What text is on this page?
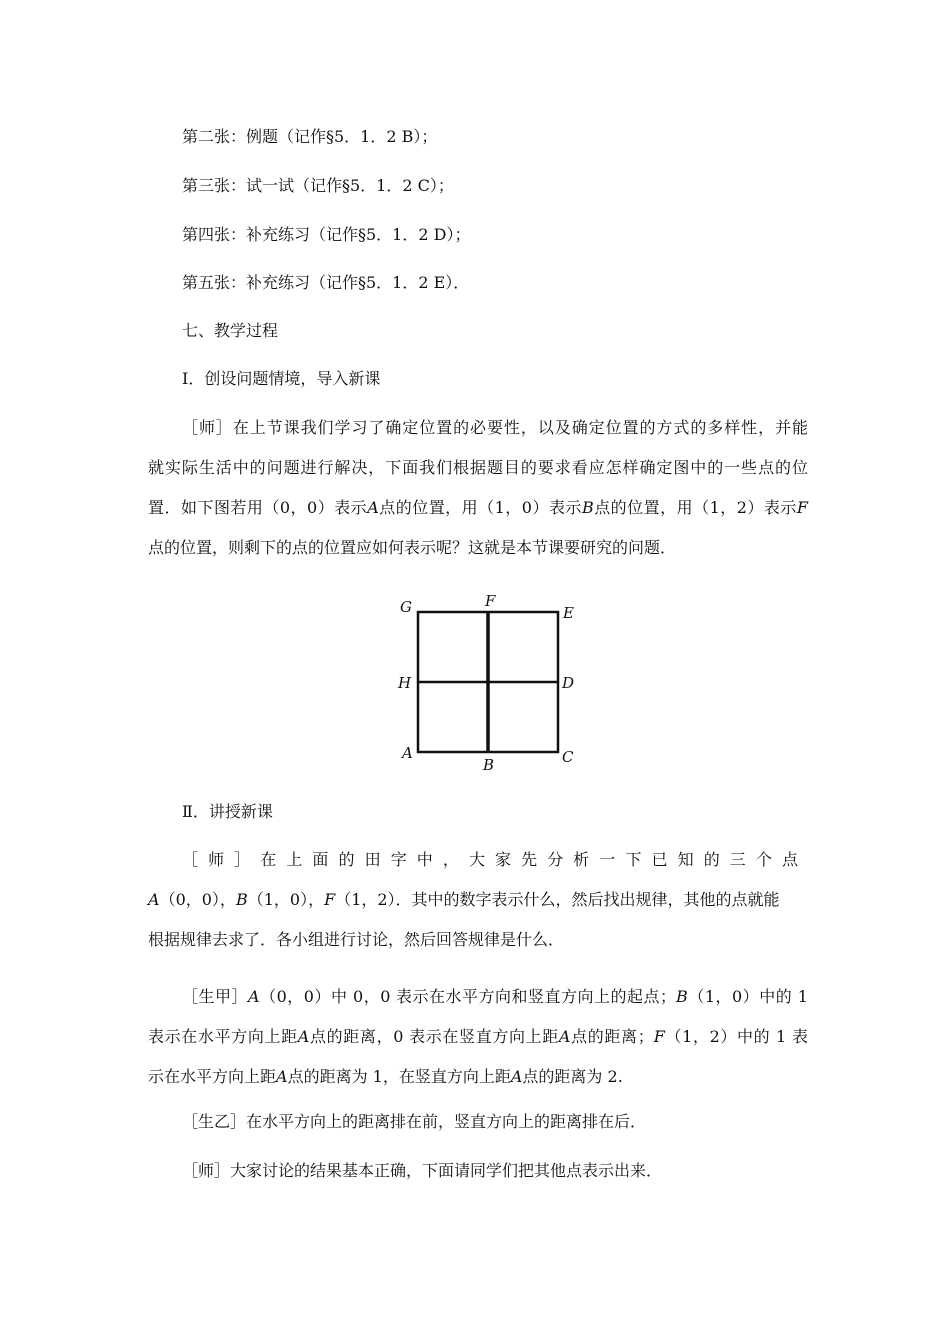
第二张：例题（记作§5．1．2 B）；
第三张：试一试（记作§5．1．2 C）；
第四张：补充练习（记作§5．1．2 D）；
第五张：补充练习（记作§5．1．2 E）．
七、教学过程
Ⅰ．创设问题情境，导入新课
［师］在上节课我们学习了确定位置的必要性，以及确定位置的方式的多样性，并能
就实际生活中的问题进行解决，下面我们根据题目的要求看应怎样确定图中的一些点的位
置．如下图若用（0，0）表示A点的位置，用（1，0）表示B点的位置，用（1，2）表示F
点的位置，则剩下的点的位置应如何表示呢？这就是本节课要研究的问题．
G	F
E
H	D
A
B	C
Ⅱ．讲授新课
［师］在上面的田字中，大家先分析一下已知的三个点
A（0，0），B（1，0），F（1，2）．其中的数字表示什么，然后找出规律，其他的点就能
根据规律去求了．各小组进行讨论，然后回答规律是什么．
［生甲］A（0，0）中 0，0 表示在水平方向和竖直方向上的起点；B（1，0）中的 1
表示在水平方向上距A点的距离，0 表示在竖直方向上距A点的距离；F（1，2）中的 1 表
示在水平方向上距A点的距离为 1，在竖直方向上距A点的距离为 2.
［生乙］在水平方向上的距离排在前，竖直方向上的距离排在后．
［师］大家讨论的结果基本正确，下面请同学们把其他点表示出来．
